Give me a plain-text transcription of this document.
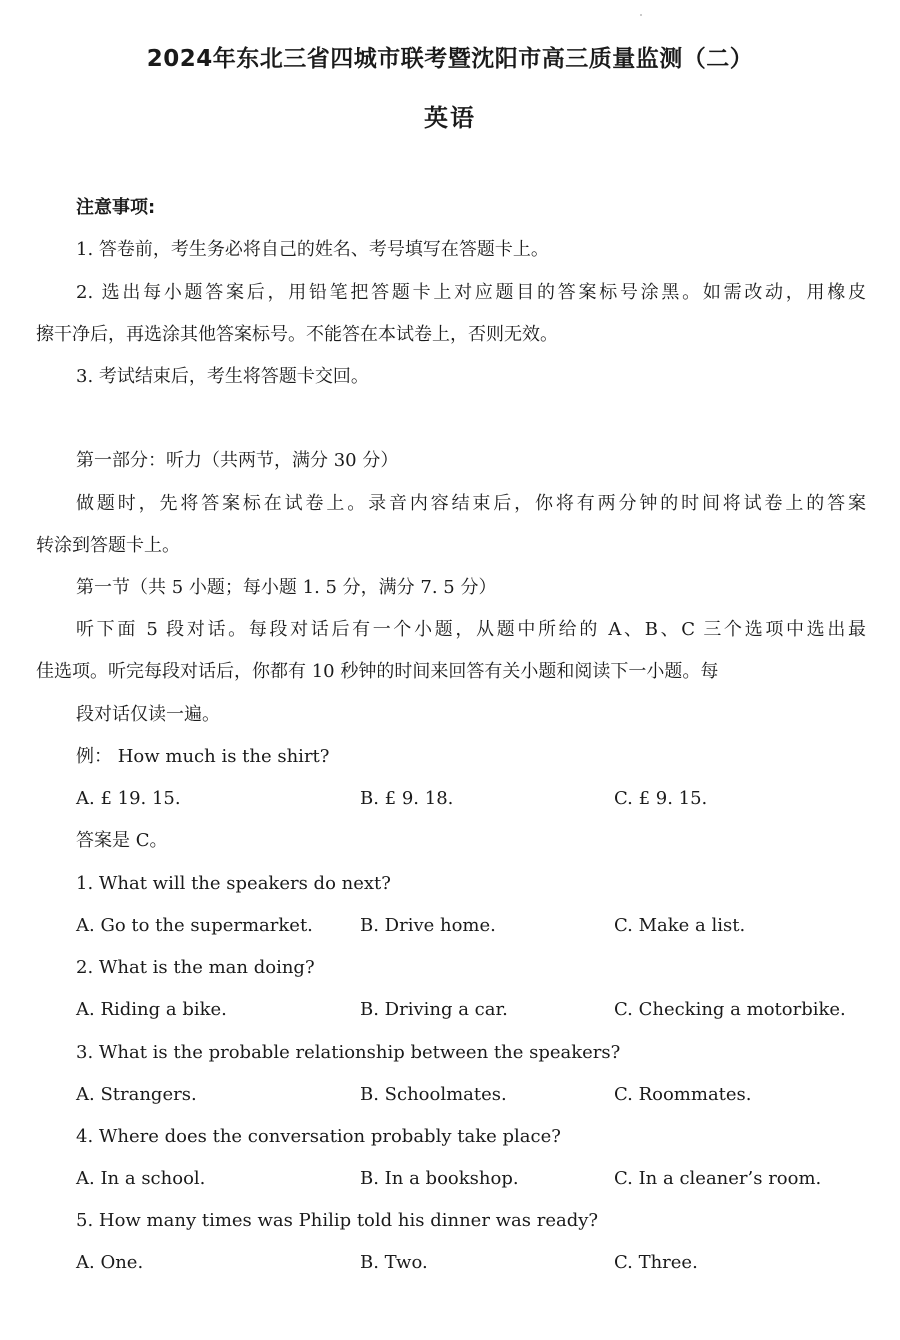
2024年东北三省四城市联考暨沈阳市高三质量监测（二）
英语
注意事项:
1. 答卷前，考生务必将自己的姓名、考号填写在答题卡上。
2. 选出每小题答案后，用铅笔把答题卡上对应题目的答案标号涂黑。如需改动，用橡皮
擦干净后，再选涂其他答案标号。不能答在本试卷上，否则无效。
3. 考试结束后，考生将答题卡交回。
第一部分：听力（共两节，满分 30 分）
做题时，先将答案标在试卷上。录音内容结束后，你将有两分钟的时间将试卷上的答案
转涂到答题卡上。
第一节（共 5 小题；每小题 1. 5 分，满分 7. 5 分）
听下面 5 段对话。每段对话后有一个小题，从题中所给的 A、B、C 三个选项中选出最
佳选项。听完每段对话后，你都有 10 秒钟的时间来回答有关小题和阅读下一小题。每
段对话仅读一遍。
例： How much is the shirt?
A. £ 19. 15.	B. £ 9. 18.	C. £ 9. 15.
答案是 C。
1. What will the speakers do next?
A. Go to the supermarket.	B. Drive home.	C. Make a list.
2. What is the man doing?
A. Riding a bike.	B. Driving a car.	C. Checking a motorbike.
3. What is the probable relationship between the speakers?
A. Strangers.	B. Schoolmates.	C. Roommates.
4. Where does the conversation probably take place?
A. In a school.	B. In a bookshop.	C. In a cleaner’s room.
5. How many times was Philip told his dinner was ready?
A. One.	B. Two.	C. Three.
